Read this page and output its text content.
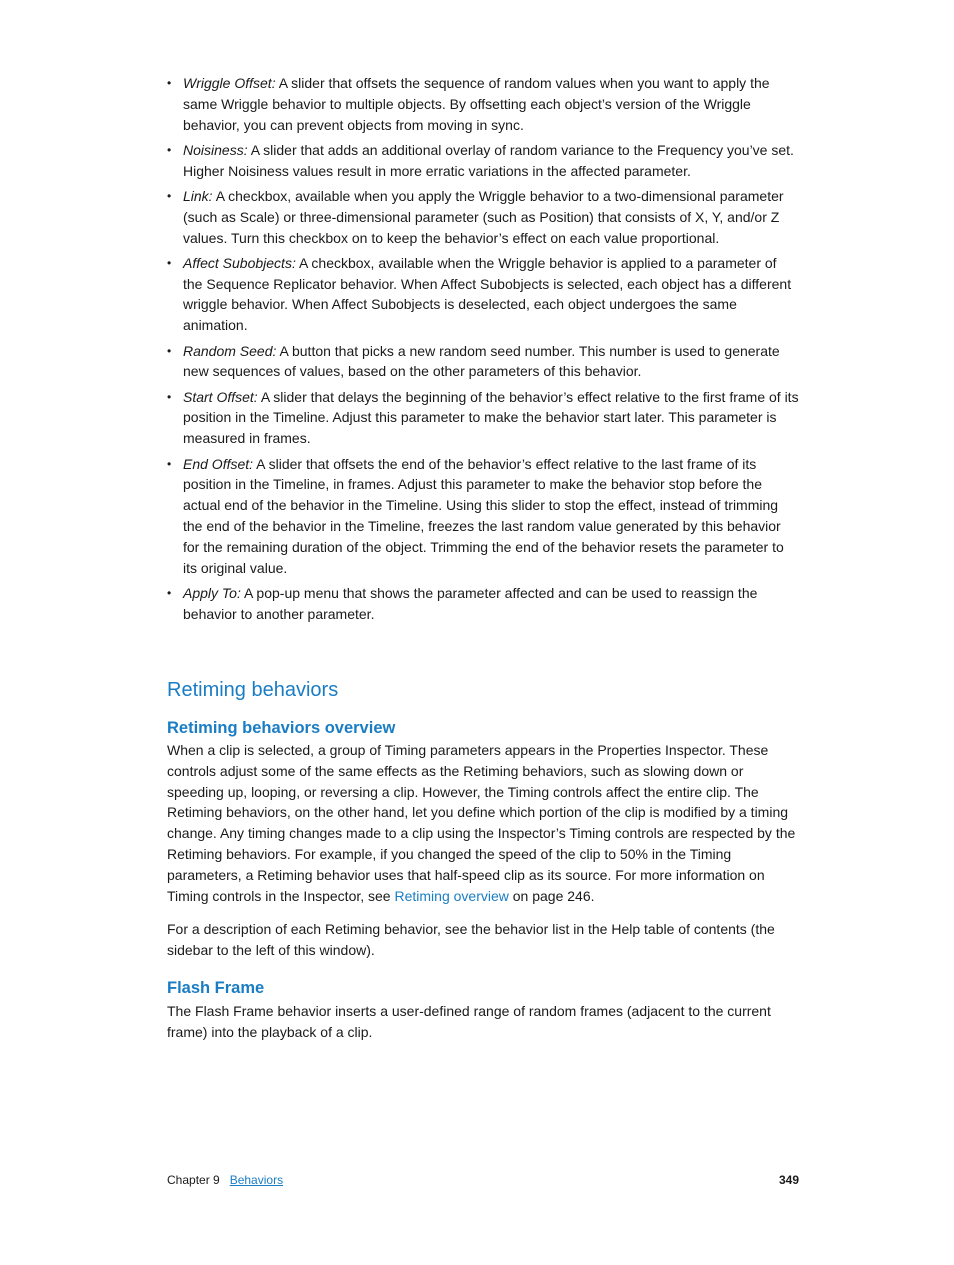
• Wriggle Offset: A slider that offsets the sequence of random values when you want to apply the same Wriggle behavior to multiple objects. By offsetting each object’s version of the Wriggle behavior, you can prevent objects from moving in sync.
• Noisiness: A slider that adds an additional overlay of random variance to the Frequency you’ve set. Higher Noisiness values result in more erratic variations in the affected parameter.
• Link: A checkbox, available when you apply the Wriggle behavior to a two-dimensional parameter (such as Scale) or three-dimensional parameter (such as Position) that consists of X, Y, and/or Z values. Turn this checkbox on to keep the behavior’s effect on each value proportional.
• Affect Subobjects: A checkbox, available when the Wriggle behavior is applied to a parameter of the Sequence Replicator behavior. When Affect Subobjects is selected, each object has a different wriggle behavior. When Affect Subobjects is deselected, each object undergoes the same animation.
• Random Seed: A button that picks a new random seed number. This number is used to generate new sequences of values, based on the other parameters of this behavior.
• Start Offset: A slider that delays the beginning of the behavior’s effect relative to the first frame of its position in the Timeline. Adjust this parameter to make the behavior start later. This parameter is measured in frames.
• End Offset: A slider that offsets the end of the behavior’s effect relative to the last frame of its position in the Timeline, in frames. Adjust this parameter to make the behavior stop before the actual end of the behavior in the Timeline. Using this slider to stop the effect, instead of trimming the end of the behavior in the Timeline, freezes the last random value generated by this behavior for the remaining duration of the object. Trimming the end of the behavior resets the parameter to its original value.
• Apply To: A pop-up menu that shows the parameter affected and can be used to reassign the behavior to another parameter.
Retiming behaviors
Retiming behaviors overview

When a clip is selected, a group of Timing parameters appears in the Properties Inspector. These controls adjust some of the same effects as the Retiming behaviors, such as slowing down or speeding up, looping, or reversing a clip. However, the Timing controls affect the entire clip. The Retiming behaviors, on the other hand, let you define which portion of the clip is modified by a timing change. Any timing changes made to a clip using the Inspector’s Timing controls are respected by the Retiming behaviors. For example, if you changed the speed of the clip to 50% in the Timing parameters, a Retiming behavior uses that half-speed clip as its source. For more information on Timing controls in the Inspector, see Retiming overview on page 246.

For a description of each Retiming behavior, see the behavior list in the Help table of contents (the sidebar to the left of this window).

Flash Frame

The Flash Frame behavior inserts a user-defined range of random frames (adjacent to the current frame) into the playback of a clip.

Chapter 9 Behaviors	349
